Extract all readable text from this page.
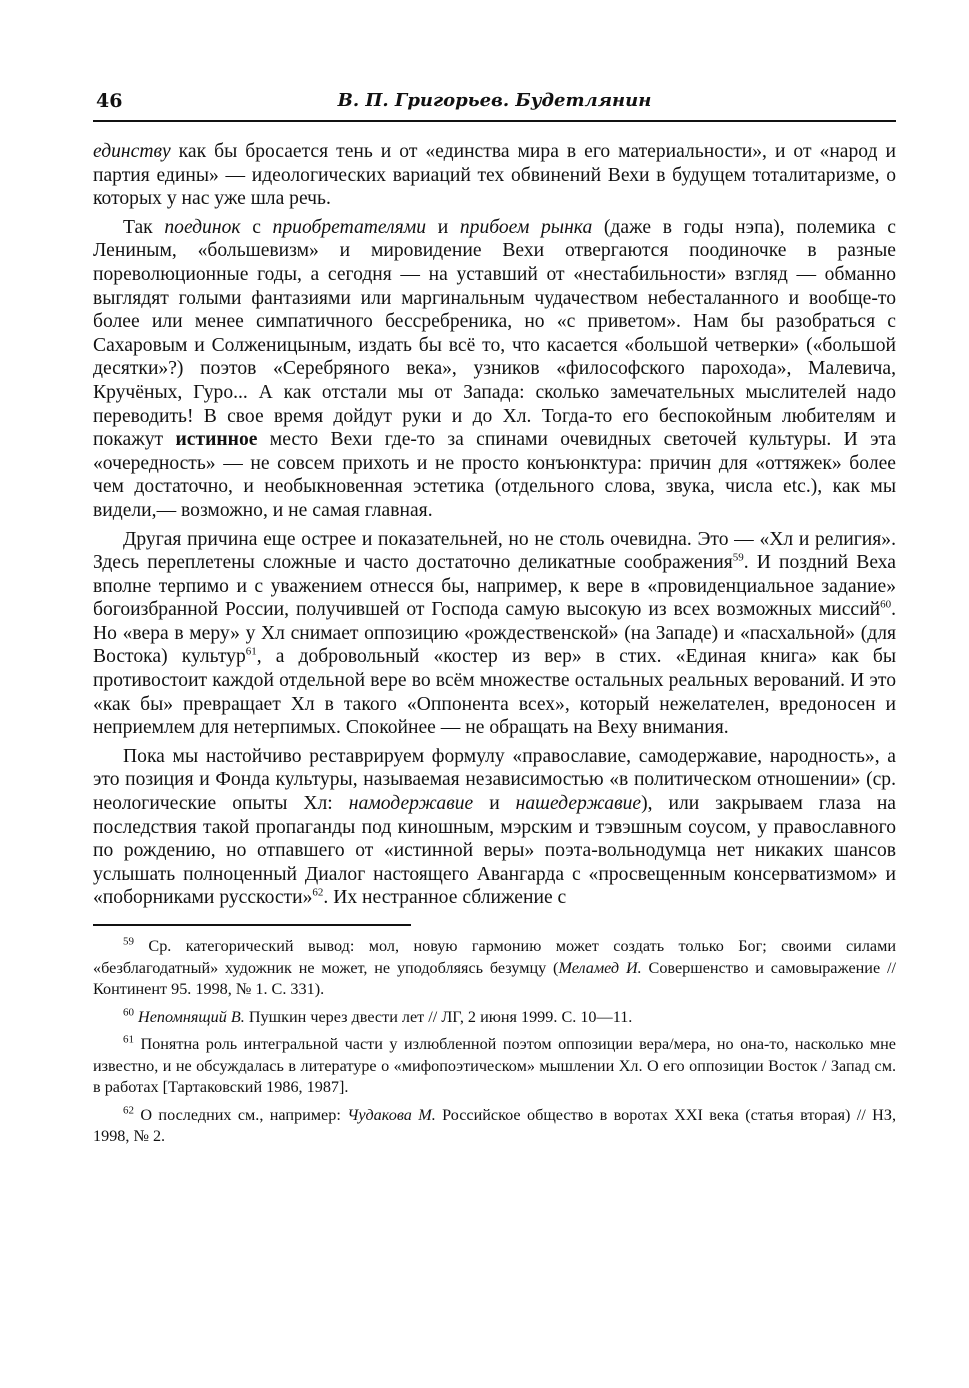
46	В. П. Григорьев. Будетлянин

единству как бы бросается тень и от «единства мира в его материальности», и от «народ и партия едины» — идеологических вариаций тех обвинений Вехи в будущем тоталитаризме, о которых у нас уже шла речь.

Так поединок с приобретателями и прибоем рынка (даже в годы нэпа), полемика с Лениным, «большевизм» и мировидение Вехи отвергаются поодиночке в разные пореволюционные годы, а сегодня — на уставший от «нестабильности» взгляд — обманно выглядят голыми фантазиями или маргинальным чудачеством небесталанного и вообще-то более или менее симпатичного бессребреника, но «с приветом». Нам бы разобраться с Сахаровым и Солженицыным, издать бы всё то, что касается «большой четверки» («большой десятки»?) поэтов «Серебряного века», узников «философского парохода», Малевича, Кручёных, Гуро... А как отстали мы от Запада: сколько замечательных мыслителей надо переводить! В свое время дойдут руки и до Хл. Тогда-то его беспокойным любителям и покажут истинное место Вехи где-то за спинами очевидных светочей культуры. И эта «очередность» — не совсем прихоть и не просто конъюнктура: причин для «оттяжек» более чем достаточно, и необыкновенная эстетика (отдельного слова, звука, числа etc.), как мы видели,— возможно, и не самая главная.

Другая причина еще острее и показательней, но не столь очевидна. Это — «Хл и религия». Здесь переплетены сложные и часто достаточно деликатные соображения$^{59}$. И поздний Веха вполне терпимо и с уважением отнесся бы, например, к вере в «провиденциальное задание» богоизбранной России, получившей от Господа самую высокую из всех возможных миссий$^{60}$. Но «вера в меру» у Хл снимает оппозицию «рождественской» (на Западе) и «пасхальной» (для Востока) культур$^{61}$, а добровольный «костер из вер» в стих. «Единая книга» как бы противостоит каждой отдельной вере во всём множестве остальных реальных верований. И это «как бы» превращает Хл в такого «Оппонента всех», который нежелателен, вредоносен и неприемлем для нетерпимых. Спокойнее — не обращать на Веху внимания.

Пока мы настойчиво реставрируем формулу «православие, самодержавие, народность», а это позиция и Фонда культуры, называемая независимостью «в политическом отношении» (ср. неологические опыты Хл: намодержавие и нашедержавие), или закрываем глаза на последствия такой пропаганды под киношным, мэрским и тэвэшным соусом, у православного по рождению, но отпавшего от «истинной веры» поэта-вольнодумца нет никаких шансов услышать полноценный Диалог настоящего Авангарда с «просвещенным консерватизмом» и «поборниками русскости»$^{62}$. Их нестранное сближение с

$^{59}$ Ср. категорический вывод: мол, новую гармонию может создать только Бог; своими силами «безблагодатный» художник не может, не уподобляясь безумцу (Меламед И. Совершенство и самовыражение // Континент 95. 1998, № 1. С. 331).

$^{60}$ Непомнящий В. Пушкин через двести лет // ЛГ, 2 июня 1999. С. 10—11.

$^{61}$ Понятна роль интегральной части у излюбленной поэтом оппозиции вера/мера, но она-то, насколько мне известно, и не обсуждалась в литературе о «мифопоэтическом» мышлении Хл. О его оппозиции Восток / Запад см. в работах [Тартаковский 1986, 1987].

$^{62}$ О последних см., например: Чудакова М. Российское общество в воротах XXI века (статья вторая) // НЗ, 1998, № 2.
